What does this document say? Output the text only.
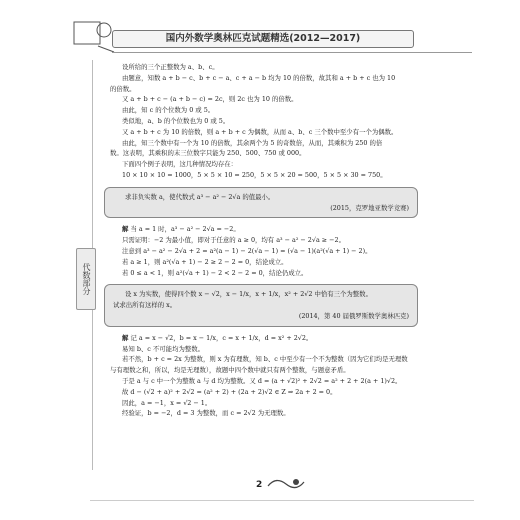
国内外数学奥林匹克试题精选(2012—2017)
代数部分

设所给的三个正整数为 a、b、c。

由题意，知数 a + b − c、b + c − a、c + a − b 均为 10 的倍数，故其和 a + b + c 也为 10

的倍数。

又 a + b + c − (a + b − c) = 2c，则 2c 也为 10 的倍数。

由此，知 c 的个位数为 0 或 5。

类似地，a、b 的个位数也为 0 或 5。

又 a + b + c 为 10 的倍数，则 a + b + c 为偶数，从而 a、b、c 三个数中至少有一个为偶数。

由此，知三个数中有一个为 10 的倍数，其余两个为 5 的奇数倍，从而，其乘积为 250 的倍

数。这表明，其乘积的末三位数字只能为 250、500、750 或 000。

下面四个例子表明，这几种情况均存在：

10 × 10 × 10 = 1000，5 × 5 × 10 = 250，5 × 5 × 20 = 500，5 × 5 × 30 = 750。

求非负实数 a，使代数式 a³ − a² − 2√a 的值最小。

(2015，克罗地亚数学竞赛)

解 当 a = 1 时，a³ − a² − 2√a = −2。

只需证明：−2 为最小值，即对于任意的 a ≥ 0，均有 a³ − a² − 2√a ≥ −2。

注意到 a³ − a² − 2√a + 2 = a²(a − 1) − 2(√a − 1) = (√a − 1)(a²(√a + 1) − 2)。

若 a ≥ 1，则 a²(√a + 1) − 2 ≥ 2 − 2 = 0，结论成立。

若 0 ≤ a < 1，则 a²(√a + 1) − 2 < 2 − 2 = 0，结论仍成立。

设 x 为实数，使得四个数 x − √2，x − 1/x，x + 1/x，x² + 2√2 中恰有三个为整数。

试求出所有这样的 x。

(2014，第 40 届俄罗斯数学奥林匹克)

解 记 a = x − √2，b = x − 1/x，c = x + 1/x，d = x² + 2√2。

易知 b、c 不可能均为整数。

若不然，b + c = 2x 为整数，则 x 为有理数，知 b、c 中至少有一个不为整数（因为它们均是无理数

与有理数之和，所以，均是无理数），故题中四个数中就只有两个整数，与题意矛盾。

于是 a 与 c 中一个为整数 a 与 d 均为整数。又 d = (a + √2)² + 2√2 = a² + 2 + 2(a + 1)√2。

故 d − (√2 + a)² + 2√2 = (a² + 2) + (2a + 2)√2 ∈ Z ⇒ 2a + 2 = 0。

因此，a = −1，x = √2 − 1。

经验证，b = −2，d = 3 为整数，而 c = 2√2 为无理数。

2
